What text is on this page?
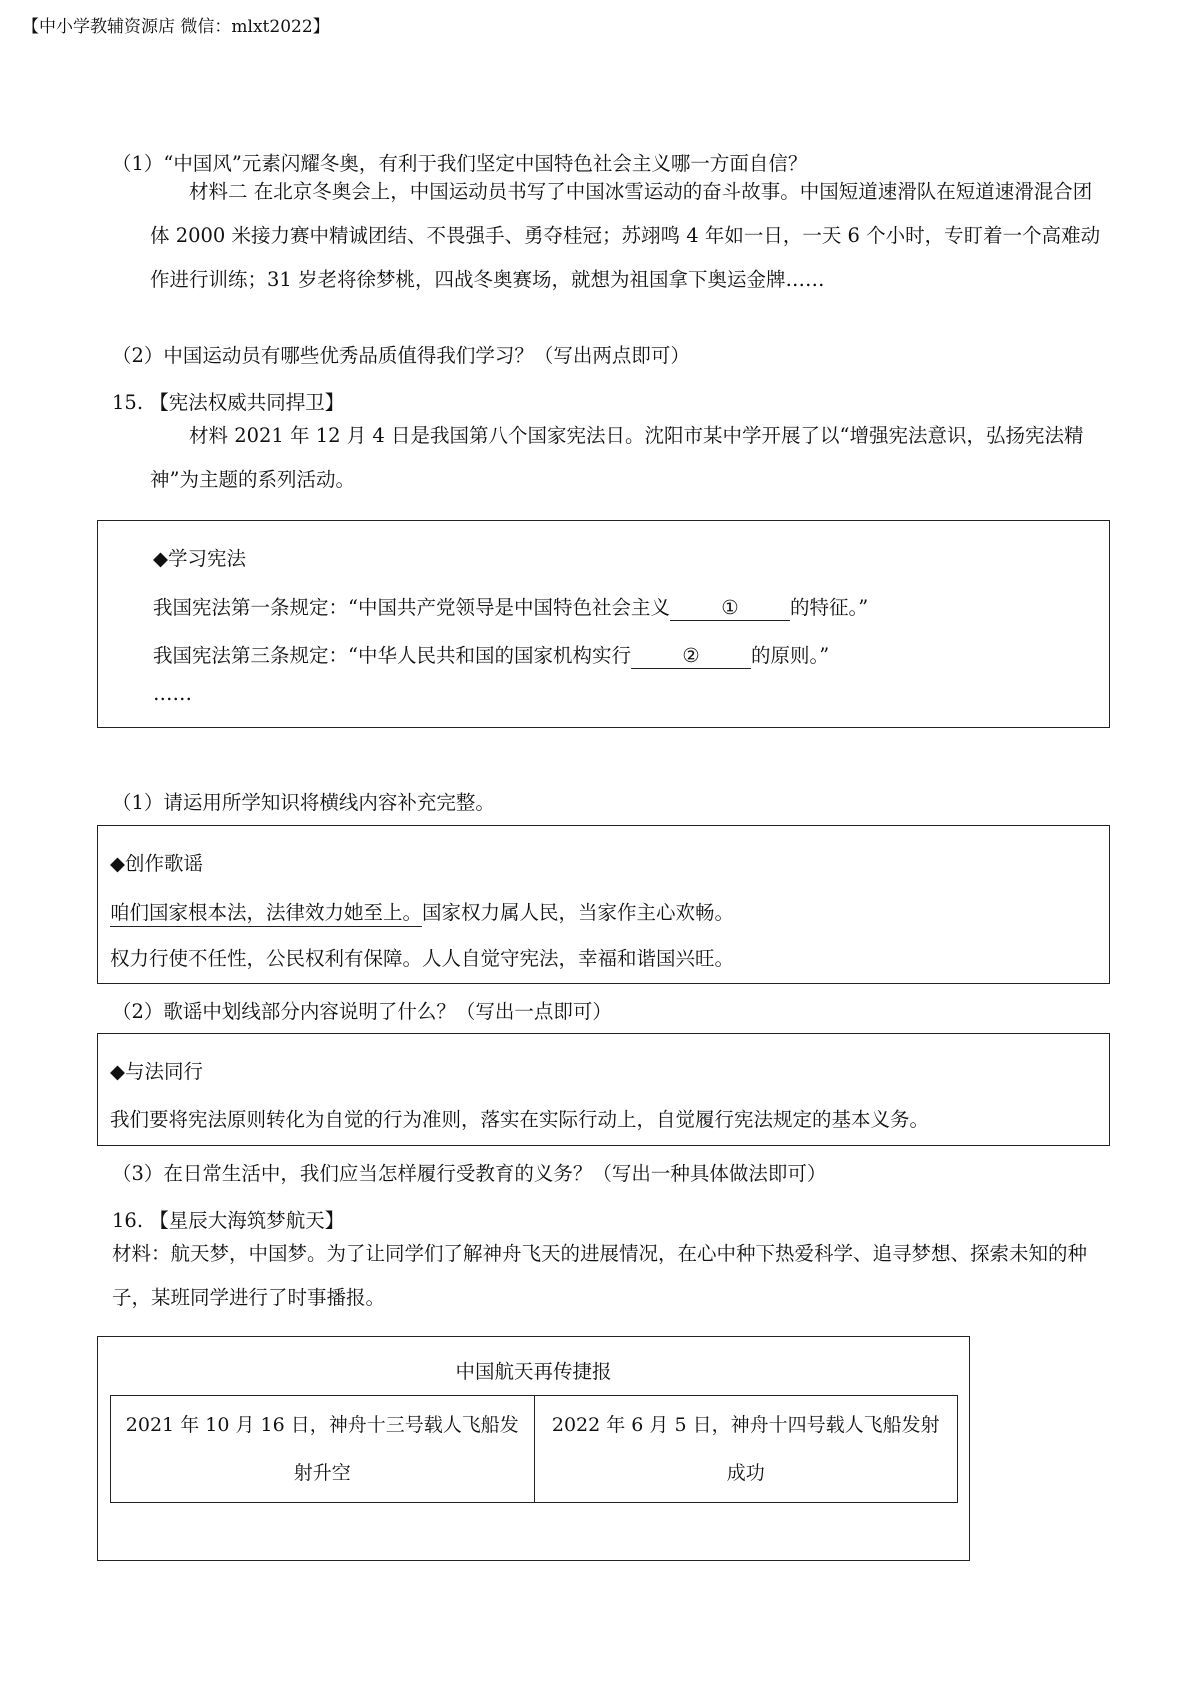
【中小学教辅资源店 微信：mlxt2022】
（1）“中国风”元素闪耀冬奥，有利于我们坚定中国特色社会主义哪一方面自信？
材料二 在北京冬奥会上，中国运动员书写了中国冰雪运动的奋斗故事。中国短道速滑队在短道速滑混合团体 2000 米接力赛中精诚团结、不畏强手、勇夺桂冠；苏翊鸣 4 年如一日，一天 6 个小时，专盯着一个高难动作进行训练；31 岁老将徐梦桃，四战冬奥赛场，就想为祖国拿下奥运金牌……
（2）中国运动员有哪些优秀品质值得我们学习？（写出两点即可）
15. 【宪法权威共同捍卫】
材料 2021 年 12 月 4 日是我国第八个国家宪法日。沈阳市某中学开展了以“增强宪法意识，弘扬宪法精神”为主题的系列活动。
◆学习宪法
我国宪法第一条规定：“中国共产党领导是中国特色社会主义	①	的特征。”
我国宪法第三条规定：“中华人民共和国的国家机构实行	②	的原则。”
……
（1）请运用所学知识将横线内容补充完整。
◆创作歌谣
咱们国家根本法，法律效力她至上。国家权力属人民，当家作主心欢畅。
权力行使不任性，公民权利有保障。人人自觉守宪法，幸福和谐国兴旺。
（2）歌谣中划线部分内容说明了什么？（写出一点即可）
◆与法同行
我们要将宪法原则转化为自觉的行为准则，落实在实际行动上，自觉履行宪法规定的基本义务。
（3）在日常生活中，我们应当怎样履行受教育的义务？（写出一种具体做法即可）
16. 【星辰大海筑梦航天】
材料：航天梦，中国梦。为了让同学们了解神舟飞天的进展情况，在心中种下热爱科学、追寻梦想、探索未知的种子，某班同学进行了时事播报。
中国航天再传捷报
2021 年 10 月 16 日，神舟十三号载人飞船发射升空	2022 年 6 月 5 日，神舟十四号载人飞船发射成功
